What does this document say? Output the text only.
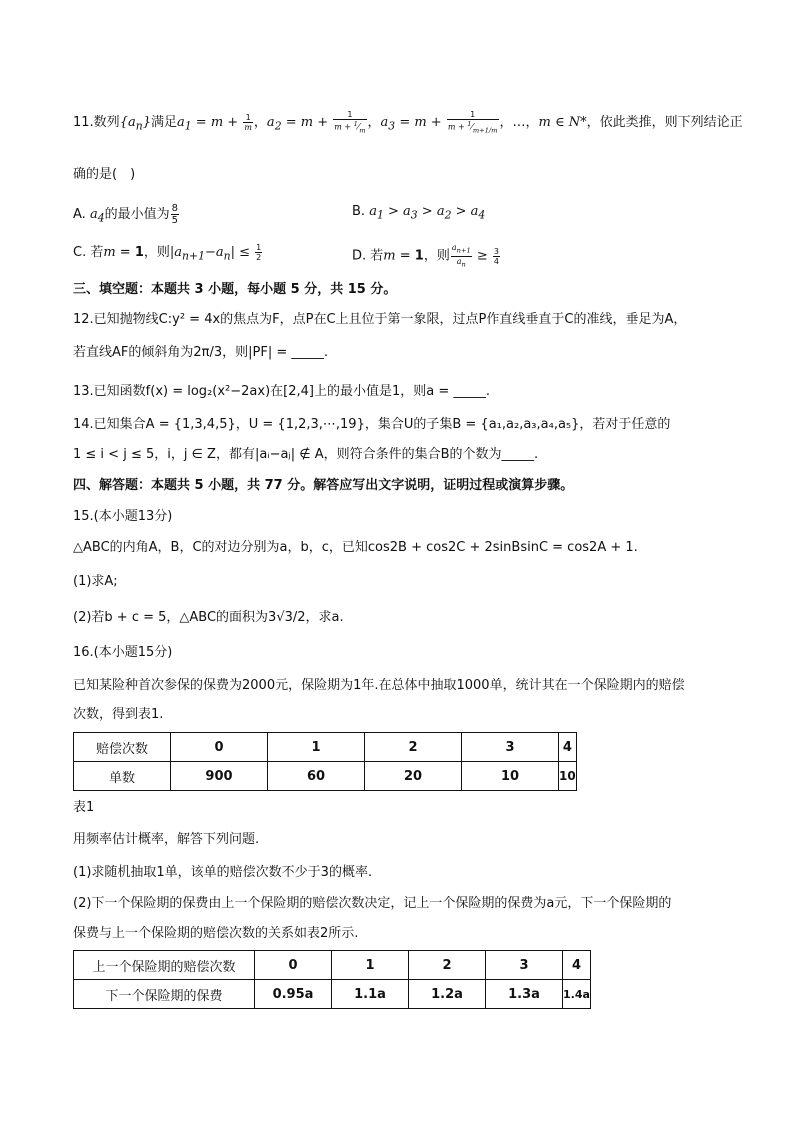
11.数列$\{a_n\}$满足$a_1 = m + \frac{1}{m}$ ，$a_2 = m + \frac{1}{m + ^1⁄_m}$ ，$a_3 = m + \frac{1}{m + ^1⁄_{m+1/m}}$ ，…，m ∈ N*，依此类推，则下列结论正
确的是(　)
A. $a_4$的最小值为 $\frac{8}{5}$	B. $a_1 > a_3 > a_2 > a_4$
C. 若m = 1，则$|a_{n+1}-a_n| \le \frac{1}{2}$	D. 若m = 1，则 $\frac{a_{n+1}}{a_n} \ge \frac{3}{4}$
三、填空题：本题共 3 小题，每小题 5 分，共 15 分。
12.已知抛物线C:y² = 4x的焦点为F，点P在C上且位于第一象限，过点P作直线垂直于C的准线，垂足为A，
若直线AF的倾斜角为2π/3，则|PF| = _____.
13.已知函数f(x) = log₂(x²−2ax)在[2,4]上的最小值是1，则a = _____.
14.已知集合A = {1,3,4,5}，U = {1,2,3,⋯,19}，集合U的子集B = {a₁,a₂,a₃,a₄,a₅}，若对于任意的
1 ≤ i < j ≤ 5，i，j ∈ Z，都有|aᵢ−aⱼ| ∉ A，则符合条件的集合B的个数为_____.
四、解答题：本题共 5 小题，共 77 分。解答应写出文字说明，证明过程或演算步骤。
15.(本小题13分)
△ABC的内角A，B，C的对边分别为a，b，c，已知cos2B + cos2C + 2sinBsinC = cos2A + 1.
(1)求A;
(2)若b + c = 5，△ABC的面积为3√3/2，求a.
16.(本小题15分)
已知某险种首次参保的保费为2000元，保险期为1年.在总体中抽取1000单，统计其在一个保险期内的赔偿
次数，得到表1.
赔偿次数	0	1	2	3	4
单数	900	60	20	10	10
表1
用频率估计概率，解答下列问题.
(1)求随机抽取1单，该单的赔偿次数不少于3的概率.
(2)下一个保险期的保费由上一个保险期的赔偿次数决定，记上一个保险期的保费为a元，下一个保险期的
保费与上一个保险期的赔偿次数的关系如表2所示.
上一个保险期的赔偿次数	0	1	2	3	4
下一个保险期的保费	0.95a	1.1a	1.2a	1.3a	1.4a
